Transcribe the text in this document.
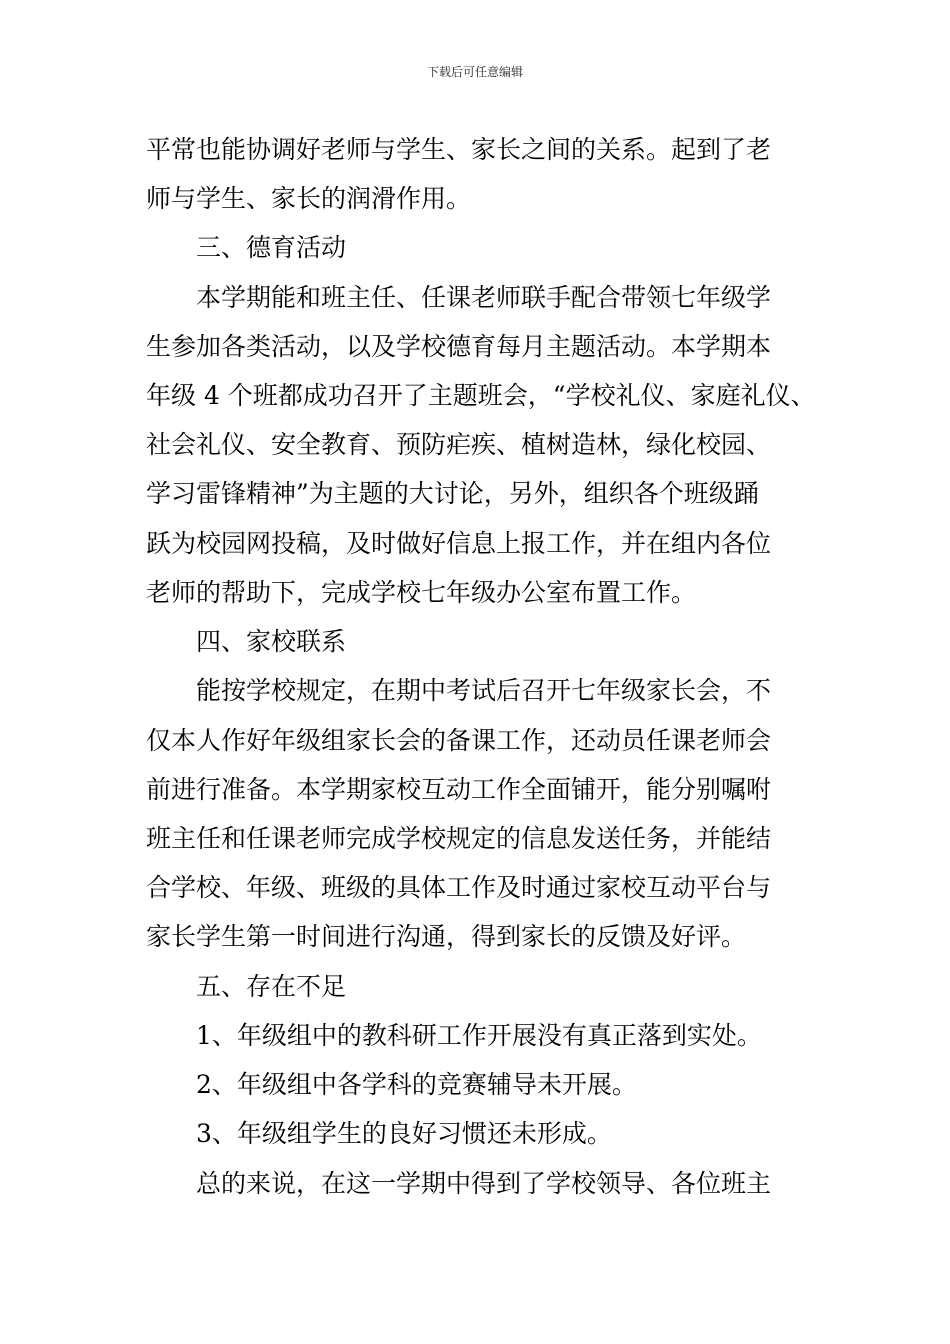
下载后可任意编辑
平常也能协调好老师与学生、家长之间的关系。起到了老
师与学生、家长的润滑作用。
三、德育活动
本学期能和班主任、任课老师联手配合带领七年级学
生参加各类活动，以及学校德育每月主题活动。本学期本
年级 4 个班都成功召开了主题班会，“学校礼仪、家庭礼仪、
社会礼仪、安全教育、预防疟疾、植树造林，绿化校园、
学习雷锋精神”为主题的大讨论，另外，组织各个班级踊
跃为校园网投稿，及时做好信息上报工作，并在组内各位
老师的帮助下，完成学校七年级办公室布置工作。
四、家校联系
能按学校规定，在期中考试后召开七年级家长会，不
仅本人作好年级组家长会的备课工作，还动员任课老师会
前进行准备。本学期家校互动工作全面铺开，能分别嘱咐
班主任和任课老师完成学校规定的信息发送任务，并能结
合学校、年级、班级的具体工作及时通过家校互动平台与
家长学生第一时间进行沟通，得到家长的反馈及好评。
五、存在不足
1、年级组中的教科研工作开展没有真正落到实处。
2、年级组中各学科的竞赛辅导未开展。
3、年级组学生的良好习惯还未形成。
总的来说，在这一学期中得到了学校领导、各位班主
